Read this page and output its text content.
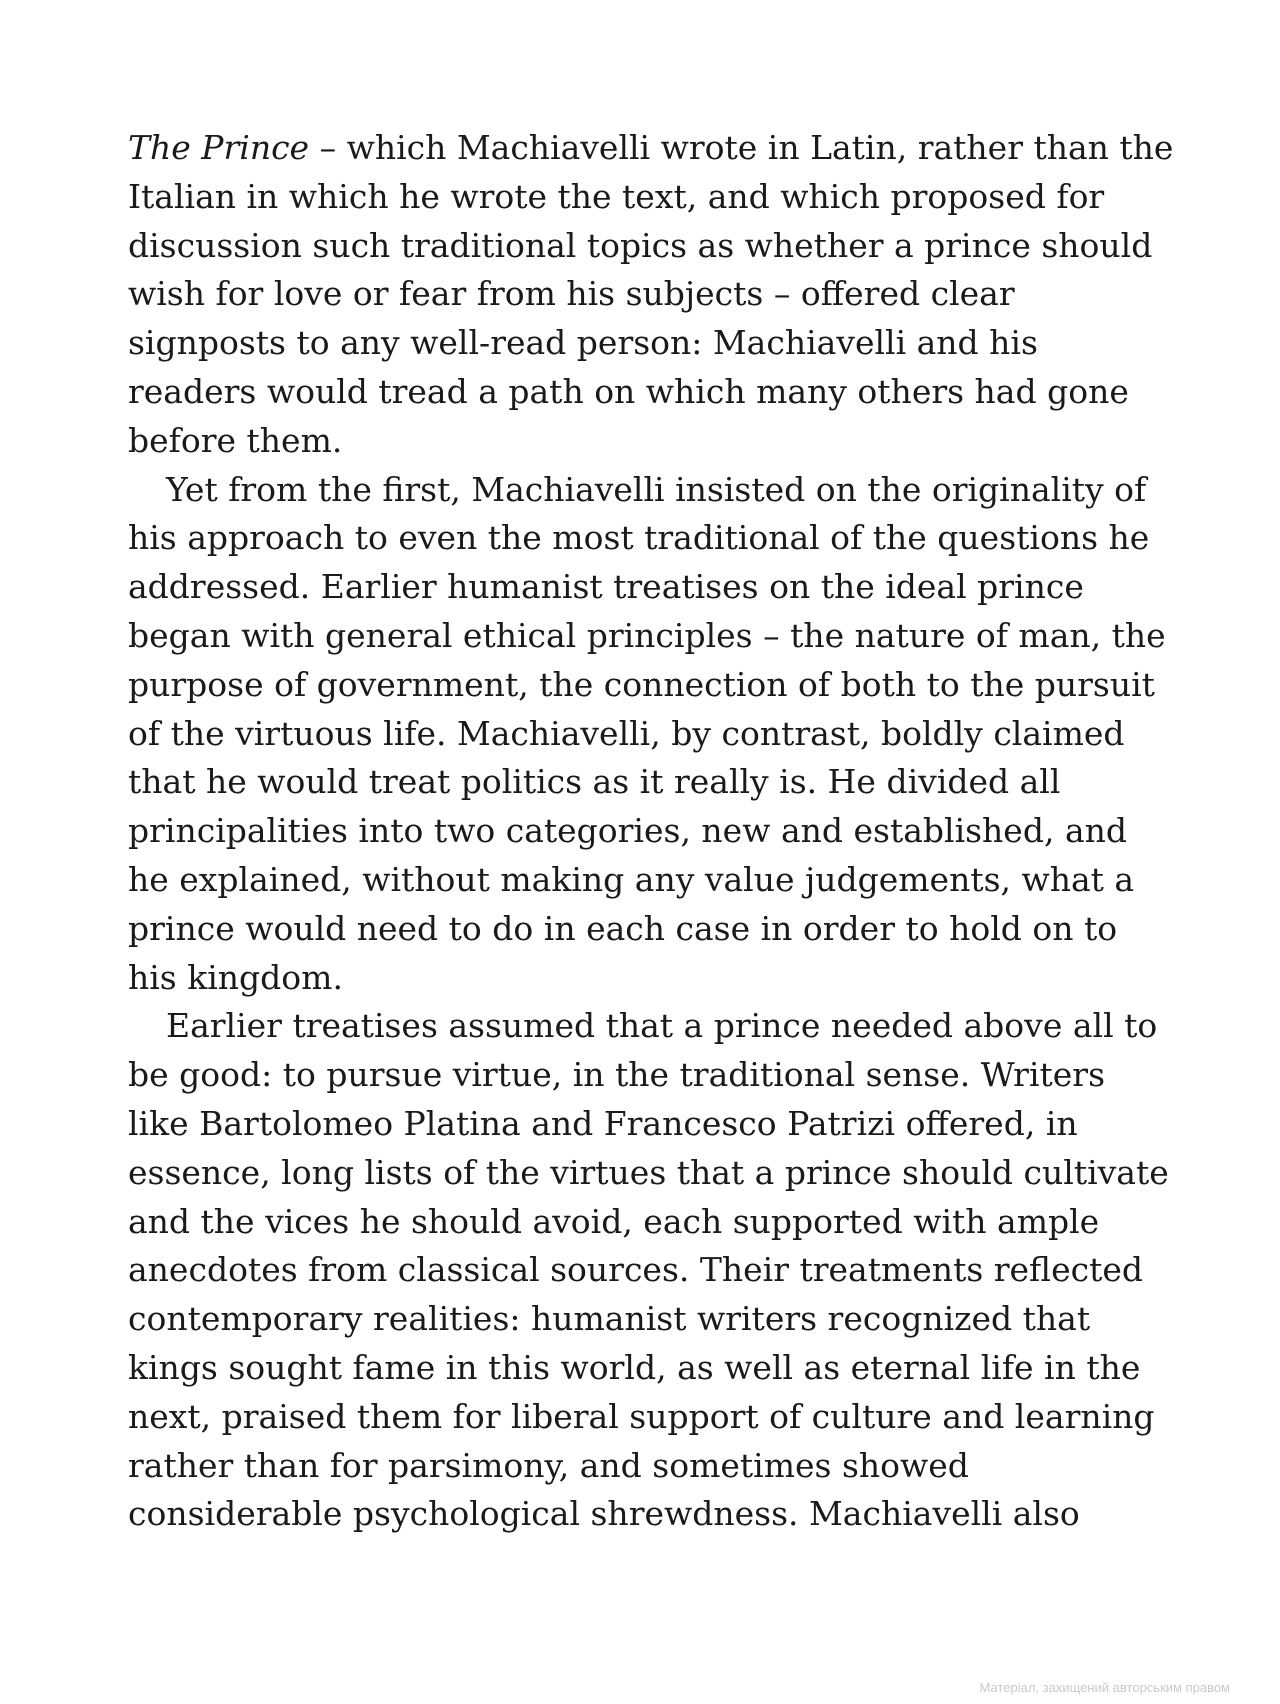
The Prince – which Machiavelli wrote in Latin, rather than the
Italian in which he wrote the text, and which proposed for
discussion such traditional topics as whether a prince should
wish for love or fear from his subjects – offered clear
signposts to any well-read person: Machiavelli and his
readers would tread a path on which many others had gone
before them.
Yet from the first, Machiavelli insisted on the originality of
his approach to even the most traditional of the questions he
addressed. Earlier humanist treatises on the ideal prince
began with general ethical principles – the nature of man, the
purpose of government, the connection of both to the pursuit
of the virtuous life. Machiavelli, by contrast, boldly claimed
that he would treat politics as it really is. He divided all
principalities into two categories, new and established, and
he explained, without making any value judgements, what a
prince would need to do in each case in order to hold on to
his kingdom.
Earlier treatises assumed that a prince needed above all to
be good: to pursue virtue, in the traditional sense. Writers
like Bartolomeo Platina and Francesco Patrizi offered, in
essence, long lists of the virtues that a prince should cultivate
and the vices he should avoid, each supported with ample
anecdotes from classical sources. Their treatments reflected
contemporary realities: humanist writers recognized that
kings sought fame in this world, as well as eternal life in the
next, praised them for liberal support of culture and learning
rather than for parsimony, and sometimes showed
considerable psychological shrewdness. Machiavelli also
Матеріал, захищений авторським правом
